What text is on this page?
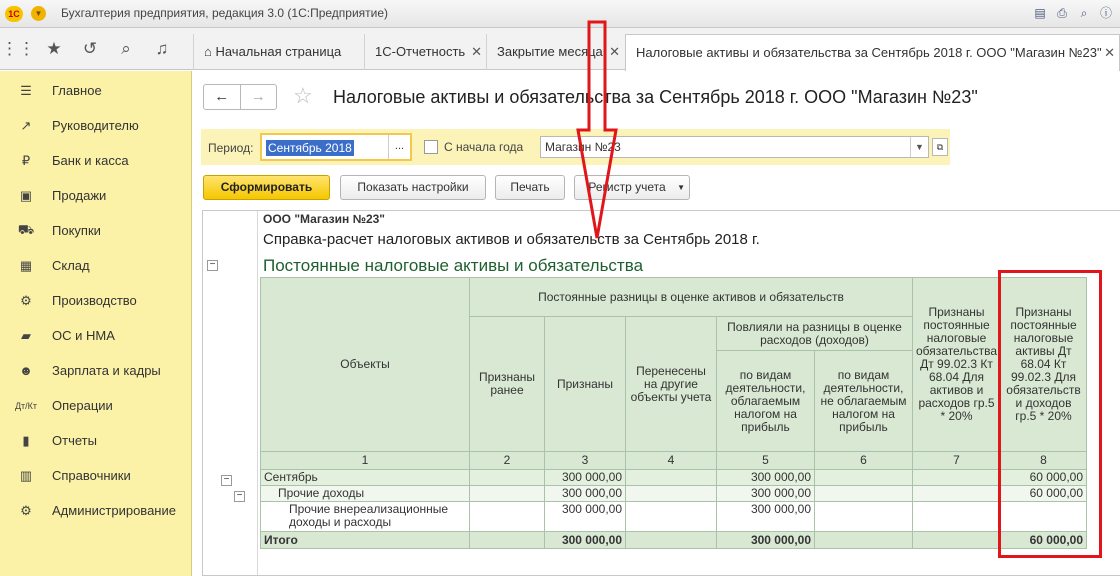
1С	▼ Бухгалтерия предприятия, редакция 3.0 (1С:Предприятие)	▤ ⎙	⌕	ⓘ
⋮⋮ ★	↺	⌕	♫	⌂ Начальная страница	1С-Отчетность ✕	Закрытие месяца ✕	Налоговые активы и обязательства за Сентябрь 2018 г. ООО "Магазин №23" ✕
☰	Главное
↗	Руководителю
₽	Банк и касса
▣	Продажи
⛟	Покупки
▦	Склад
⚙	Производство
▰	ОС и НМА
☻	Зарплата и кадры
Дт/Кт	Операции
▮	Отчеты
▥	Справочники
⚙	Администрирование
←	→	☆ Налоговые активы и обязательства за Сентябрь 2018 г. ООО "Магазин №23"
Период: Сентябрь 2018	...	С начала года Магазин №23	▼	⧉
Сформировать	Показать настройки	Печать	Регистр учета ▼
−
−
−
ООО "Магазин №23"
Справка-расчет налоговых активов и обязательств за Сентябрь 2018 г.
Постоянные налоговые активы и обязательства
Объекты	Постоянные разницы в оценке активов и обязательств					Признаны постоянные налоговые обязательства Дт 99.02.3 Кт 68.04 Для активов и расходов гр.5 * 20%	Признаны постоянные налоговые активы Дт 68.04 Кт 99.02.3 Для обязательств и доходов гр.5 * 20%
	Признаны ранее	Признаны	Перенесены на другие объекты учета	Повлияли на разницы в оценке расходов (доходов)			
				по видам деятельности, облагаемым налогом на прибыль	по видам деятельности, не облагаемым налогом на прибыль		
1	2	3	4	5	6	7	8
Сентябрь		300 000,00		300 000,00			60 000,00
Прочие доходы		300 000,00		300 000,00			60 000,00
Прочие внереализационные доходы и расходы		300 000,00		300 000,00			
Итого		300 000,00		300 000,00			60 000,00
